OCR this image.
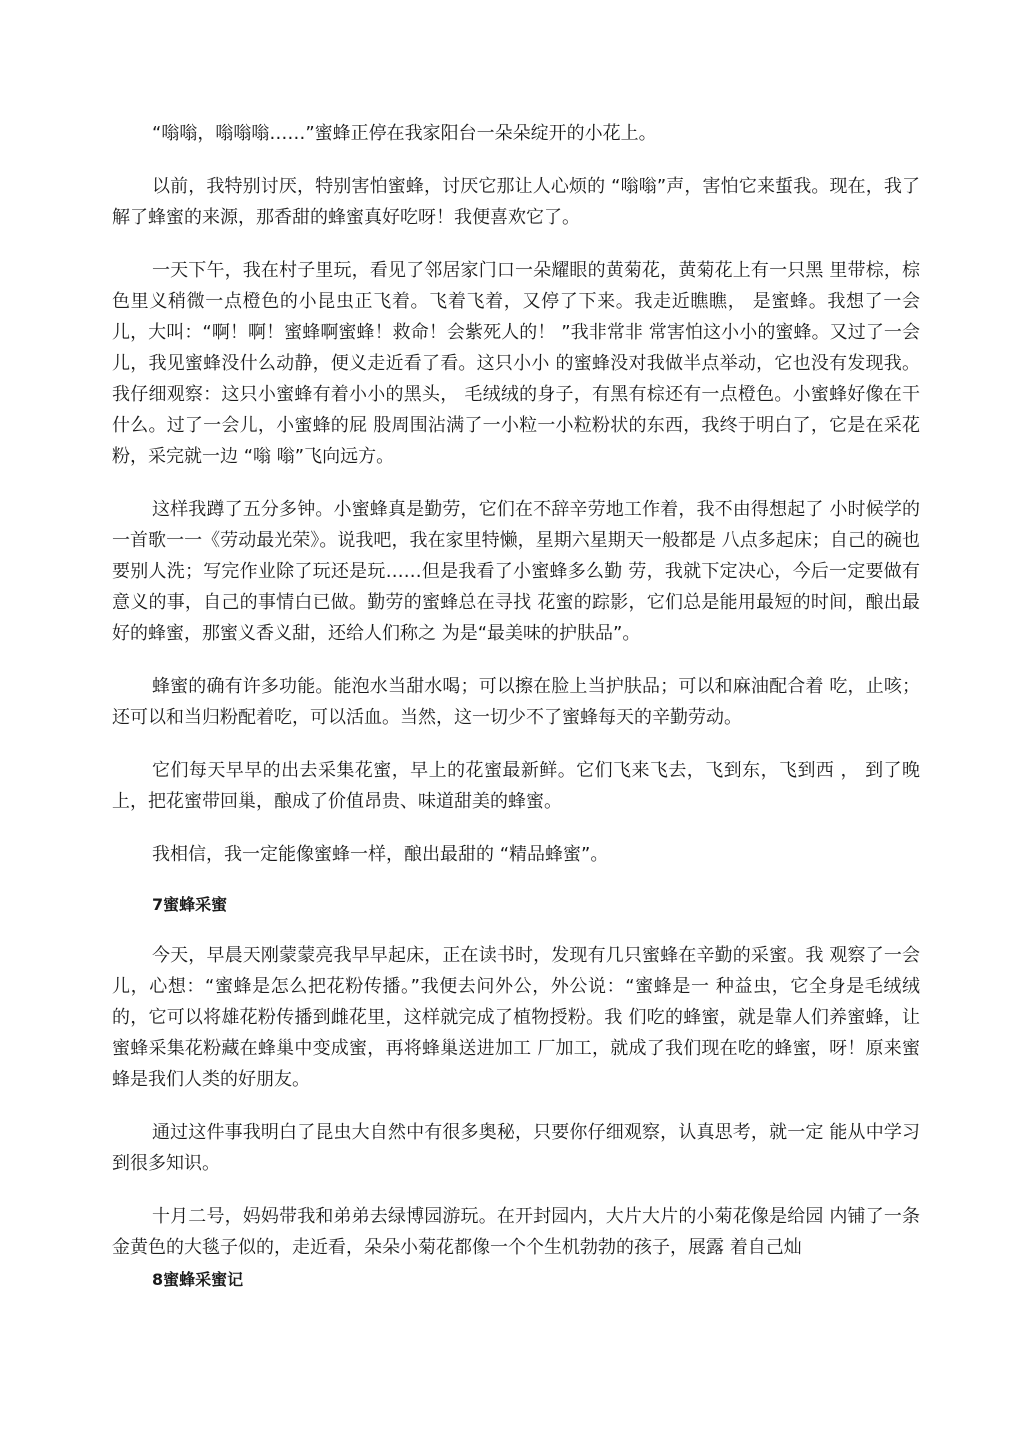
“嗡嗡，嗡嗡嗡……”蜜蜂正停在我家阳台一朵朵绽开的小花上。

以前，我特别讨厌，特别害怕蜜蜂，讨厌它那让人心烦的 “嗡嗡”声，害怕它来蜇我。现在，我了解了蜂蜜的来源，那香甜的蜂蜜真好吃呀！我便喜欢它了。

一天下午，我在村子里玩，看见了邻居家门口一朵耀眼的黄菊花，黄菊花上有一只黑 里带棕，棕色里义稍微一点橙色的小昆虫正飞着。飞着飞着，又停了下来。我走近瞧瞧， 是蜜蜂。我想了一会儿，大叫：“啊！啊！蜜蜂啊蜜蜂！救命！会紫死人的！ ”我非常非 常害怕这小小的蜜蜂。又过了一会儿，我见蜜蜂没什么动静，便义走近看了看。这只小小 的蜜蜂没对我做半点举动，它也没有发现我。 我仔细观察：这只小蜜蜂有着小小的黑头， 毛绒绒的身子，有黑有棕还有一点橙色。小蜜蜂好像在干什么。过了一会儿，小蜜蜂的屁 股周围沾满了一小粒一小粒粉状的东西，我终于明白了，它是在采花粉，采完就一边 “嗡 嗡”飞向远方。

这样我蹲了五分多钟。小蜜蜂真是勤劳，它们在不辞辛劳地工作着，我不由得想起了 小时候学的一首歌一一《劳动最光荣》。说我吧，我在家里特懒，星期六星期天一般都是 八点多起床；自己的碗也要别人洗；写完作业除了玩还是玩……但是我看了小蜜蜂多么勤 劳，我就下定决心，今后一定要做有意义的事，自己的事情白已做。勤劳的蜜蜂总在寻找 花蜜的踪影，它们总是能用最短的时间，酿出最好的蜂蜜，那蜜义香义甜，还给人们称之 为是“最美味的护肤品”。

蜂蜜的确有许多功能。能泡水当甜水喝；可以擦在脸上当护肤品；可以和麻油配合着 吃，止咳；还可以和当归粉配着吃，可以活血。当然，这一切少不了蜜蜂每天的辛勤劳动。

它们每天早早的出去采集花蜜，早上的花蜜最新鲜。它们飞来飞去，飞到东，飞到西 ， 到了晚上，把花蜜带回巢，酿成了价值昂贵、味道甜美的蜂蜜。

我相信，我一定能像蜜蜂一样，酿出最甜的 “精品蜂蜜”。

7蜜蜂采蜜

今天，早晨天刚蒙蒙亮我早早起床，正在读书时，发现有几只蜜蜂在辛勤的采蜜。我 观察了一会儿，心想：“蜜蜂是怎么把花粉传播。”我便去问外公，外公说：“蜜蜂是一 种益虫，它全身是毛绒绒的，它可以将雄花粉传播到雌花里，这样就完成了植物授粉。我 们吃的蜂蜜，就是靠人们养蜜蜂，让蜜蜂采集花粉藏在蜂巢中变成蜜，再将蜂巢送进加工 厂加工，就成了我们现在吃的蜂蜜，呀！原来蜜蜂是我们人类的好朋友。

通过这件事我明白了昆虫大自然中有很多奥秘，只要你仔细观察，认真思考，就一定 能从中学习到很多知识。

十月二号，妈妈带我和弟弟去绿博园游玩。在开封园内，大片大片的小菊花像是给园 内铺了一条金黄色的大毯子似的，走近看，朵朵小菊花都像一个个生机勃勃的孩子，展露 着自己灿

8蜜蜂采蜜记
